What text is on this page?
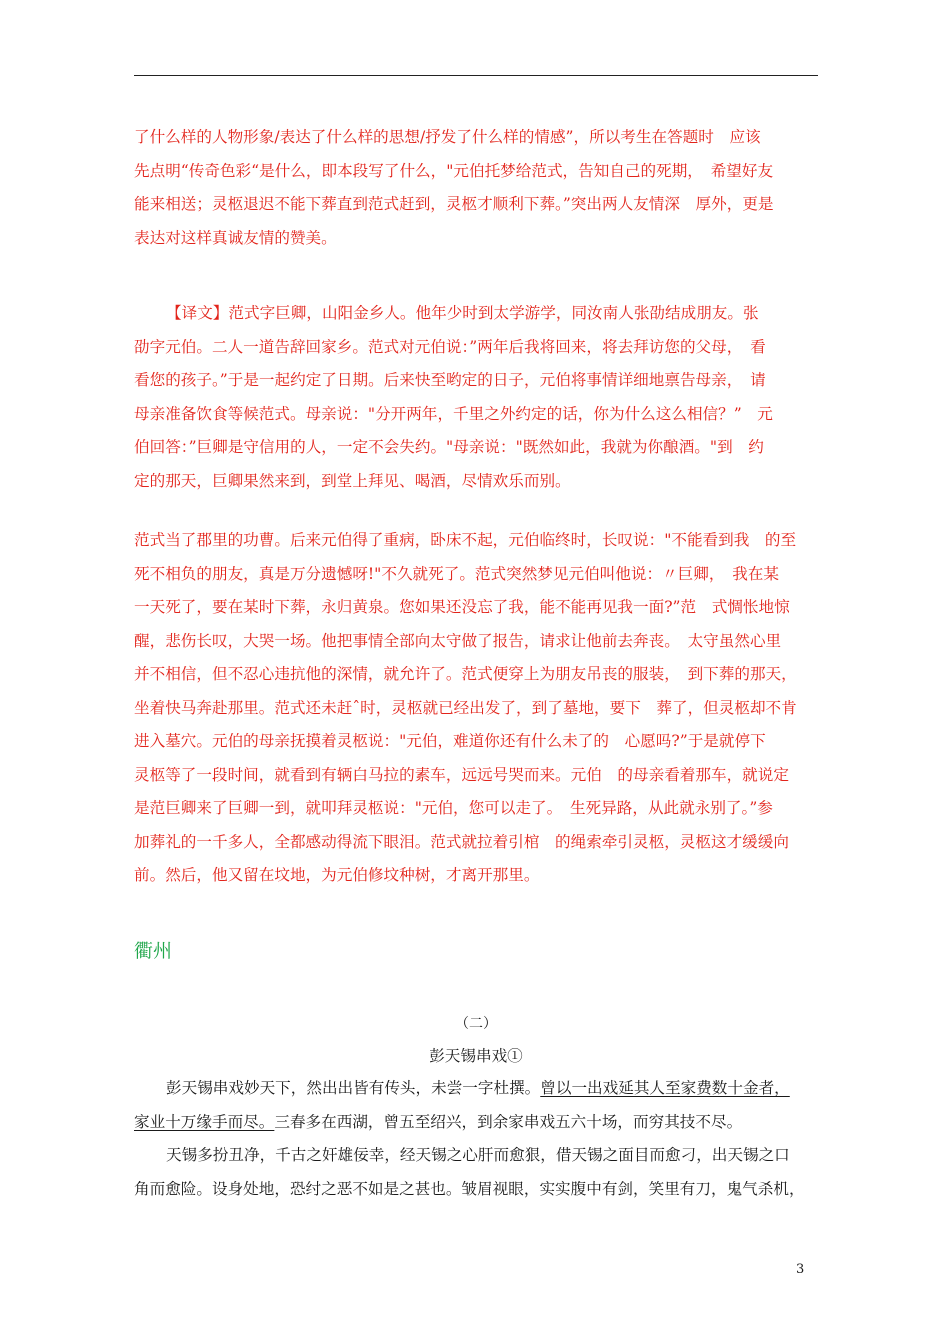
了什么样的人物形象/表达了什么样的思想/抒发了什么样的情感”，所以考生在答题时　应该
先点明“传奇色彩“是什么，即本段写了什么，"元伯托梦给范式，告知自己的死期，　希望好友
能来相送；灵柩退迟不能下葬直到范式赶到，灵柩才顺利下葬。”突出两人友情深　厚外，更是
表达对这样真诚友情的赞美。
【译文】范式字巨卿，山阳金乡人。他年少时到太学游学，同汝南人张劭结成朋友。张
劭字元伯。二人一道告辞回家乡。范式对元伯说：”两年后我将回来，将去拜访您的父母，　看
看您的孩子。”于是一起约定了日期。后来快至哟定的日子，元伯将事情详细地禀告母亲，　请
母亲准备饮食等候范式。母亲说："分开两年，千里之外约定的话，你为什么这么相信？”　元
伯回答：”巨卿是守信用的人，一定不会失约。"母亲说："既然如此，我就为你酿酒。"到　约
定的那天，巨卿果然来到，到堂上拜见、喝酒，尽情欢乐而别。
范式当了郡里的功曹。后来元伯得了重病，卧床不起，元伯临终时，长叹说："不能看到我　的至
死不相负的朋友，真是万分遗憾呀!"不久就死了。范式突然梦见元伯叫他说：〃巨卿，　我在某
一天死了，要在某时下葬，永归黄泉。您如果还没忘了我，能不能再见我一面?”范　式惆怅地惊
醒，悲伤长叹，大哭一场。他把事情全部向太守做了报告，请求让他前去奔丧。　太守虽然心里
并不相信，但不忍心违抗他的深情，就允许了。范式便穿上为朋友吊丧的服装，　到下葬的那天，
坐着快马奔赴那里。范式还未赶ˆ时，灵柩就已经出发了，到了墓地，要下　葬了，但灵柩却不肯
进入墓穴。元伯的母亲抚摸着灵柩说："元伯，难道你还有什么未了的　心愿吗?”于是就停下
灵柩等了一段时间，就看到有辆白马拉的素车，远远号哭而来。元伯　的母亲看着那车，就说定
是范巨卿来了巨卿一到，就叩拜灵柩说："元伯，您可以走了。　生死异路，从此就永别了。”参
加葬礼的一千多人，全都感动得流下眼泪。范式就拉着引棺　的绳索牵引灵柩，灵柩这才缓缓向
前。然后，他又留在坟地，为元伯修坟种树，才离开那里。
衢州
（二）
彭天锡串戏①
彭天锡串戏妙天下，然出出皆有传头，未尝一字杜撰。曾以一出戏延其人至家费数十金者，
家业十万缘手而尽。三春多在西湖，曾五至绍兴，到余家串戏五六十场，而穷其技不尽。
天锡多扮丑净，千古之奸雄佞幸，经天锡之心肝而愈狠，借天锡之面目而愈刁，出天锡之口
角而愈险。设身处地，恐纣之恶不如是之甚也。皱眉视眼，实实腹中有剑，笑里有刀，鬼气杀机，
3
